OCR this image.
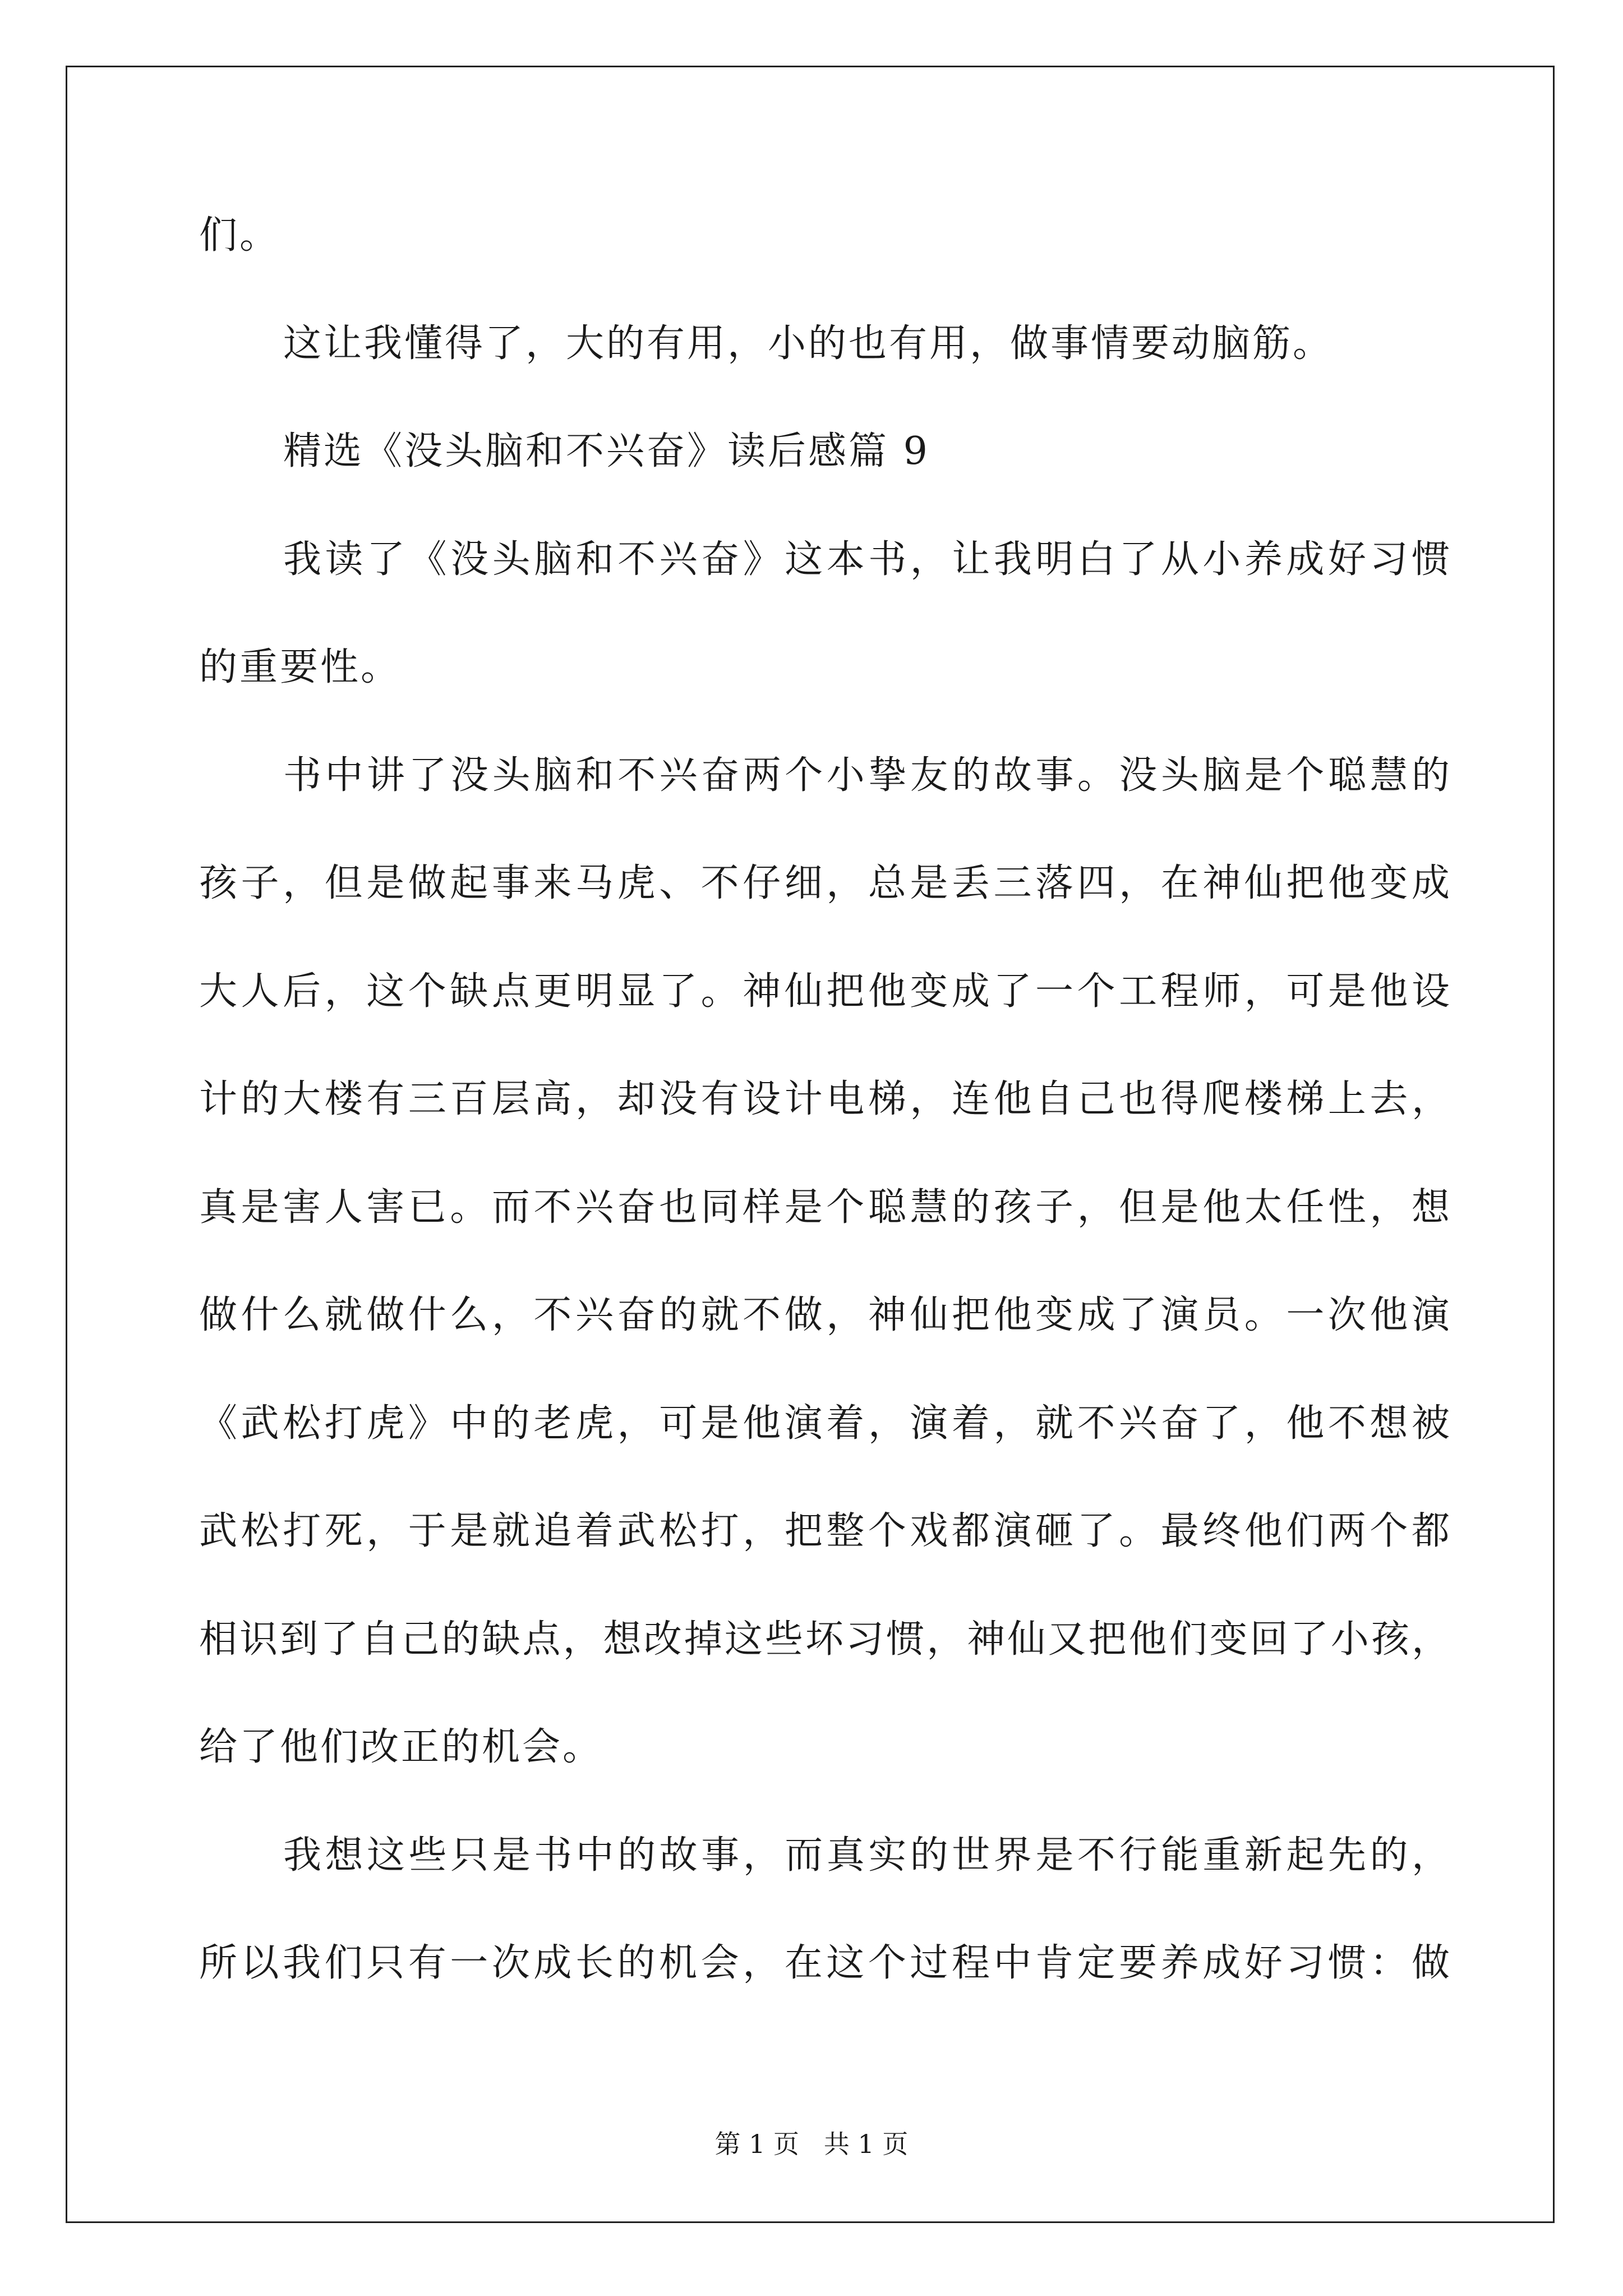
们。
这让我懂得了，大的有用，小的也有用，做事情要动脑筋。
精选《没头脑和不兴奋》读后感篇 9
我读了《没头脑和不兴奋》这本书，让我明白了从小养成好习惯
的重要性。
书中讲了没头脑和不兴奋两个小挚友的故事。没头脑是个聪慧的
孩子，但是做起事来马虎、不仔细，总是丢三落四，在神仙把他变成
大人后，这个缺点更明显了。神仙把他变成了一个工程师，可是他设
计的大楼有三百层高，却没有设计电梯，连他自己也得爬楼梯上去，
真是害人害已。而不兴奋也同样是个聪慧的孩子，但是他太任性，想
做什么就做什么，不兴奋的就不做，神仙把他变成了演员。一次他演
《武松打虎》中的老虎，可是他演着，演着，就不兴奋了，他不想被
武松打死，于是就追着武松打，把整个戏都演砸了。最终他们两个都
相识到了自己的缺点，想改掉这些坏习惯，神仙又把他们变回了小孩，
给了他们改正的机会。
我想这些只是书中的故事，而真实的世界是不行能重新起先的，
所以我们只有一次成长的机会，在这个过程中肯定要养成好习惯：做
第 1 页   共 1 页
